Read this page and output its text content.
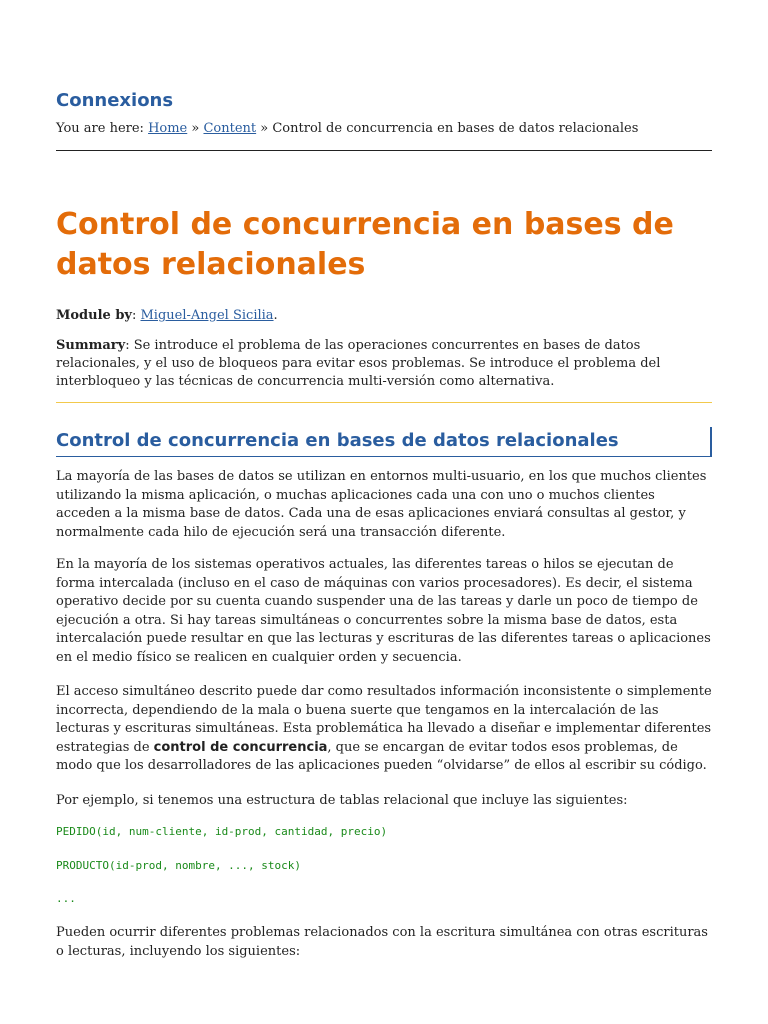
Connexions
You are here: Home » Content » Control de concurrencia en bases de datos relacionales
Control de concurrencia en bases de datos relacionales
Module by: Miguel-Angel Sicilia.
Summary: Se introduce el problema de las operaciones concurrentes en bases de datos relacionales, y el uso de bloqueos para evitar esos problemas. Se introduce el problema del interbloqueo y las técnicas de concurrencia multi-versión como alternativa.
Control de concurrencia en bases de datos relacionales

La mayoría de las bases de datos se utilizan en entornos multi-usuario, en los que muchos clientes utilizando la misma aplicación, o muchas aplicaciones cada una con uno o muchos clientes acceden a la misma base de datos. Cada una de esas aplicaciones enviará consultas al gestor, y normalmente cada hilo de ejecución será una transacción diferente.

En la mayoría de los sistemas operativos actuales, las diferentes tareas o hilos se ejecutan de forma intercalada (incluso en el caso de máquinas con varios procesadores). Es decir, el sistema operativo decide por su cuenta cuando suspender una de las tareas y darle un poco de tiempo de ejecución a otra. Si hay tareas simultáneas o concurrentes sobre la misma base de datos, esta intercalación puede resultar en que las lecturas y escrituras de las diferentes tareas o aplicaciones en el medio físico se realicen en cualquier orden y secuencia.

El acceso simultáneo descrito puede dar como resultados información inconsistente o simplemente incorrecta, dependiendo de la mala o buena suerte que tengamos en la intercalación de las lecturas y escrituras simultáneas. Esta problemática ha llevado a diseñar e implementar diferentes estrategias de control de concurrencia, que se encargan de evitar todos esos problemas, de modo que los desarrolladores de las aplicaciones pueden “olvidarse” de ellos al escribir su código.

Por ejemplo, si tenemos una estructura de tablas relacional que incluye las siguientes:

PEDIDO(id, num-cliente, id-prod, cantidad, precio)
PRODUCTO(id-prod, nombre, ..., stock)
...

Pueden ocurrir diferentes problemas relacionados con la escritura simultánea con otras escrituras o lecturas, incluyendo los siguientes:
